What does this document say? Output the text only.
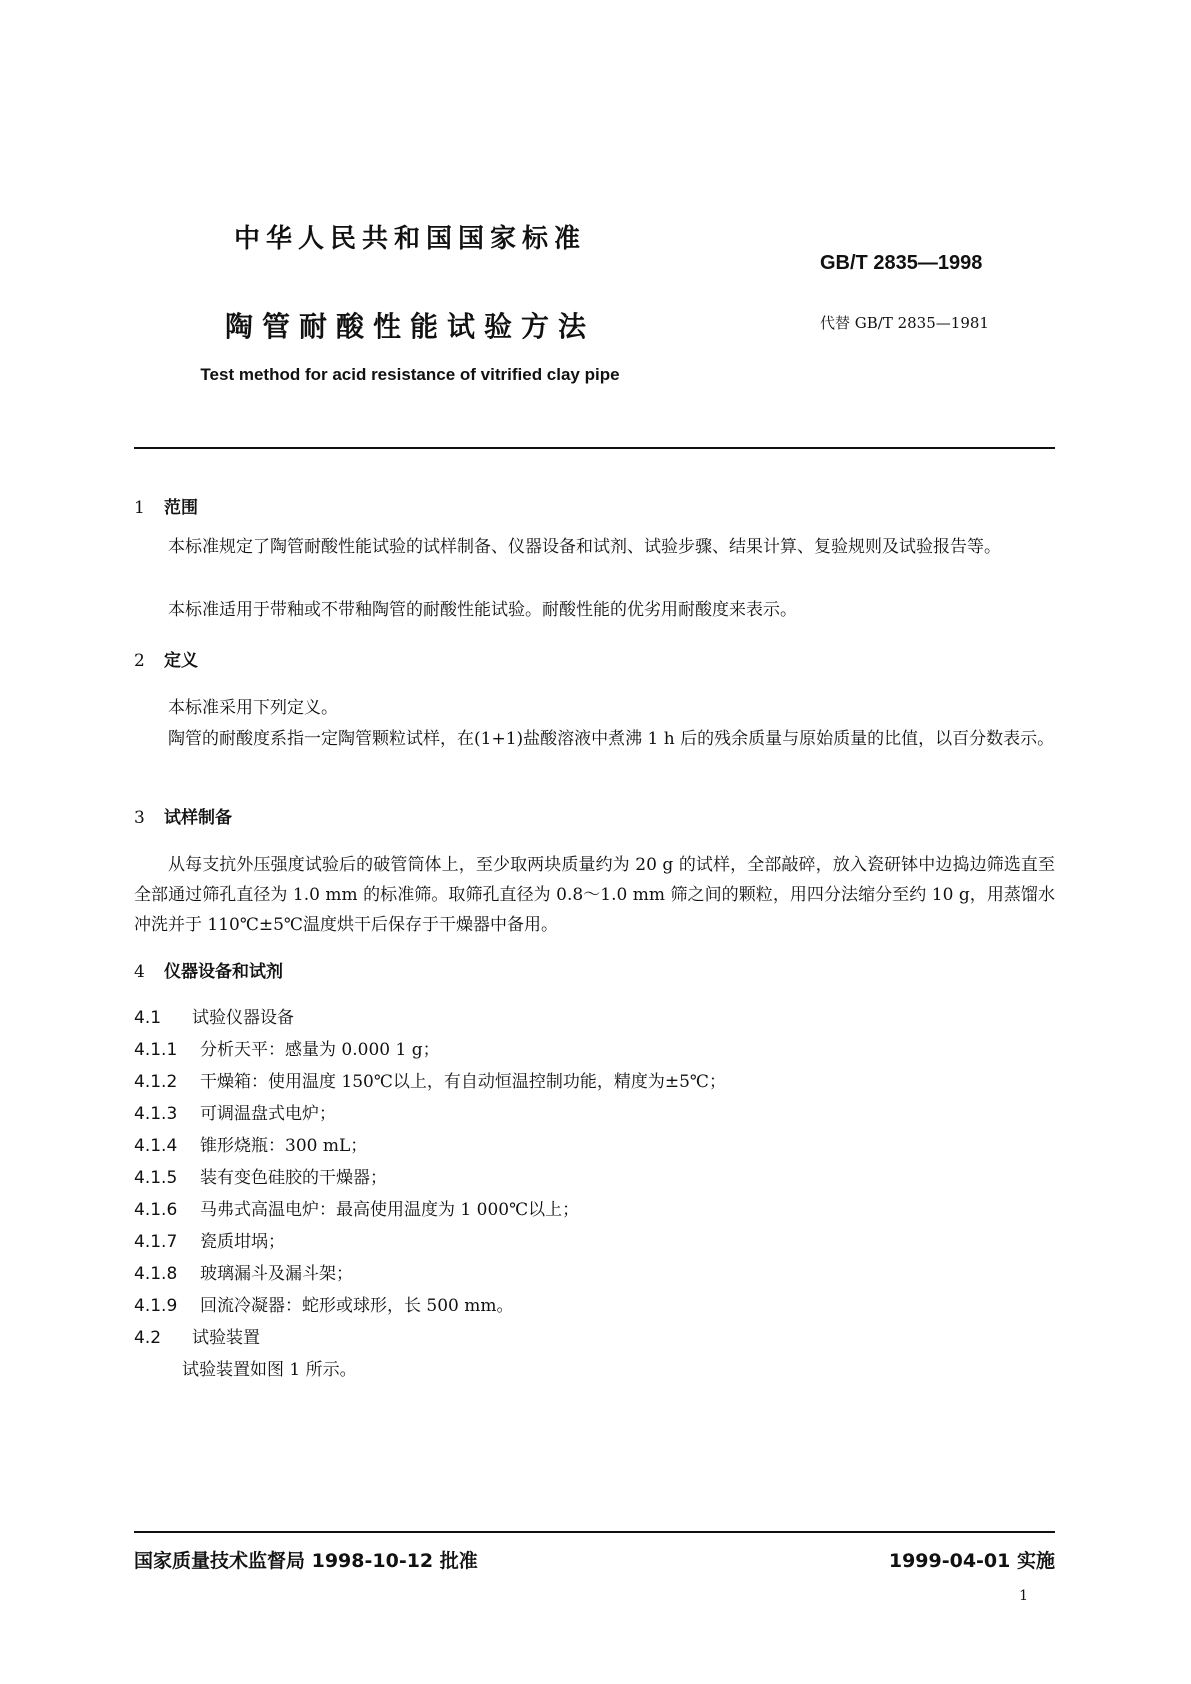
中华人民共和国国家标准
GB/T 2835—1998
陶管耐酸性能试验方法	代替 GB/T 2835—1981
Test method for acid resistance of vitrified clay pipe
1 范围
本标准规定了陶管耐酸性能试验的试样制备、仪器设备和试剂、试验步骤、结果计算、复验规则及试验报告等。
本标准适用于带釉或不带釉陶管的耐酸性能试验。耐酸性能的优劣用耐酸度来表示。
2 定义
本标准采用下列定义。
陶管的耐酸度系指一定陶管颗粒试样，在(1+1)盐酸溶液中煮沸 1 h 后的残余质量与原始质量的比值，以百分数表示。
3 试样制备
从每支抗外压强度试验后的破管筒体上，至少取两块质量约为 20 g 的试样，全部敲碎，放入瓷研钵中边捣边筛选直至全部通过筛孔直径为 1.0 mm 的标准筛。取筛孔直径为 0.8～1.0 mm 筛之间的颗粒，用四分法缩分至约 10 g，用蒸馏水冲洗并于 110℃±5℃温度烘干后保存于干燥器中备用。
4 仪器设备和试剂
4.1 试验仪器设备
4.1.1 分析天平：感量为 0.000 1 g；
4.1.2 干燥箱：使用温度 150℃以上，有自动恒温控制功能，精度为±5℃；
4.1.3 可调温盘式电炉；
4.1.4 锥形烧瓶：300 mL；
4.1.5 装有变色硅胶的干燥器；
4.1.6 马弗式高温电炉：最高使用温度为 1 000℃以上；
4.1.7 瓷质坩埚；
4.1.8 玻璃漏斗及漏斗架；
4.1.9 回流冷凝器：蛇形或球形，长 500 mm。
4.2 试验装置
试验装置如图 1 所示。
国家质量技术监督局 1998-10-12 批准	1999-04-01 实施
1
